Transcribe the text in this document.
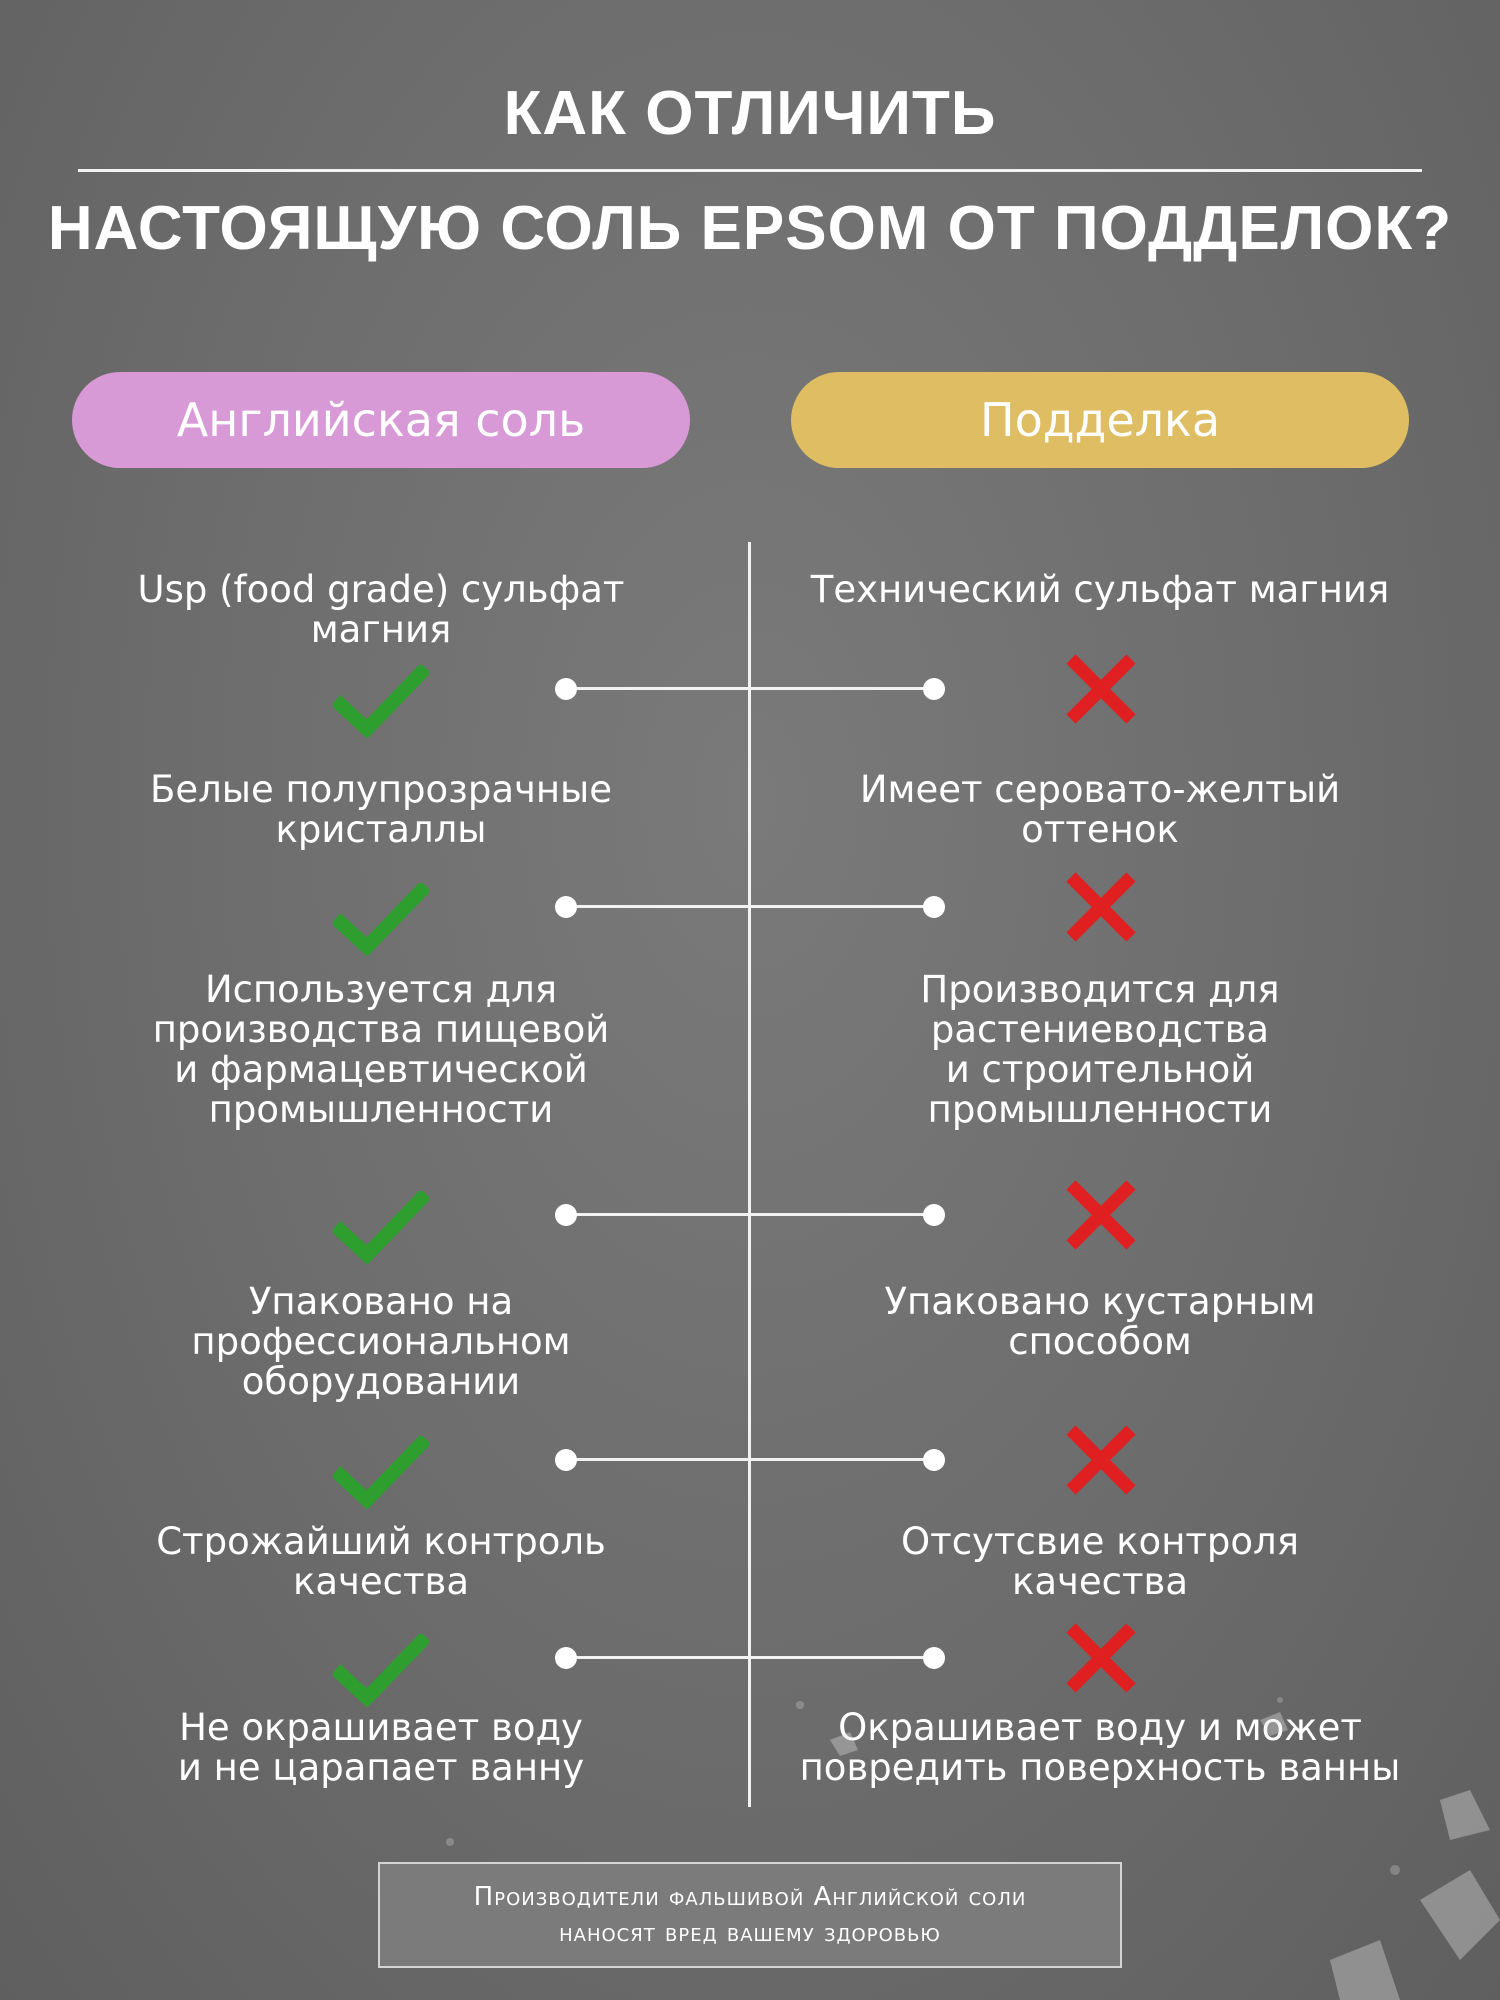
КАК ОТЛИЧИТЬ
НАСТОЯЩУЮ СОЛЬ EPSOM ОТ ПОДДЕЛОК?
Английская соль	Подделка
Usp (food grade) сульфат
магния
Технический сульфат магния
Белые полупрозрачные
кристаллы
Имеет серовато-желтый
оттенок
Используется для
производства пищевой
и фармацевтической
промышленности
Производится для
растениеводства
и строительной
промышленности
Упаковано на
профессиональном
оборудовании
Упаковано кустарным
способом
Строжайший контроль
качества
Отсутсвие контроля
качества
Не окрашивает воду
и не царапает ванну
Окрашивает воду и может
повредить поверхность ванны
Производители фальшивой Английской соли
наносят вред вашему здоровью
